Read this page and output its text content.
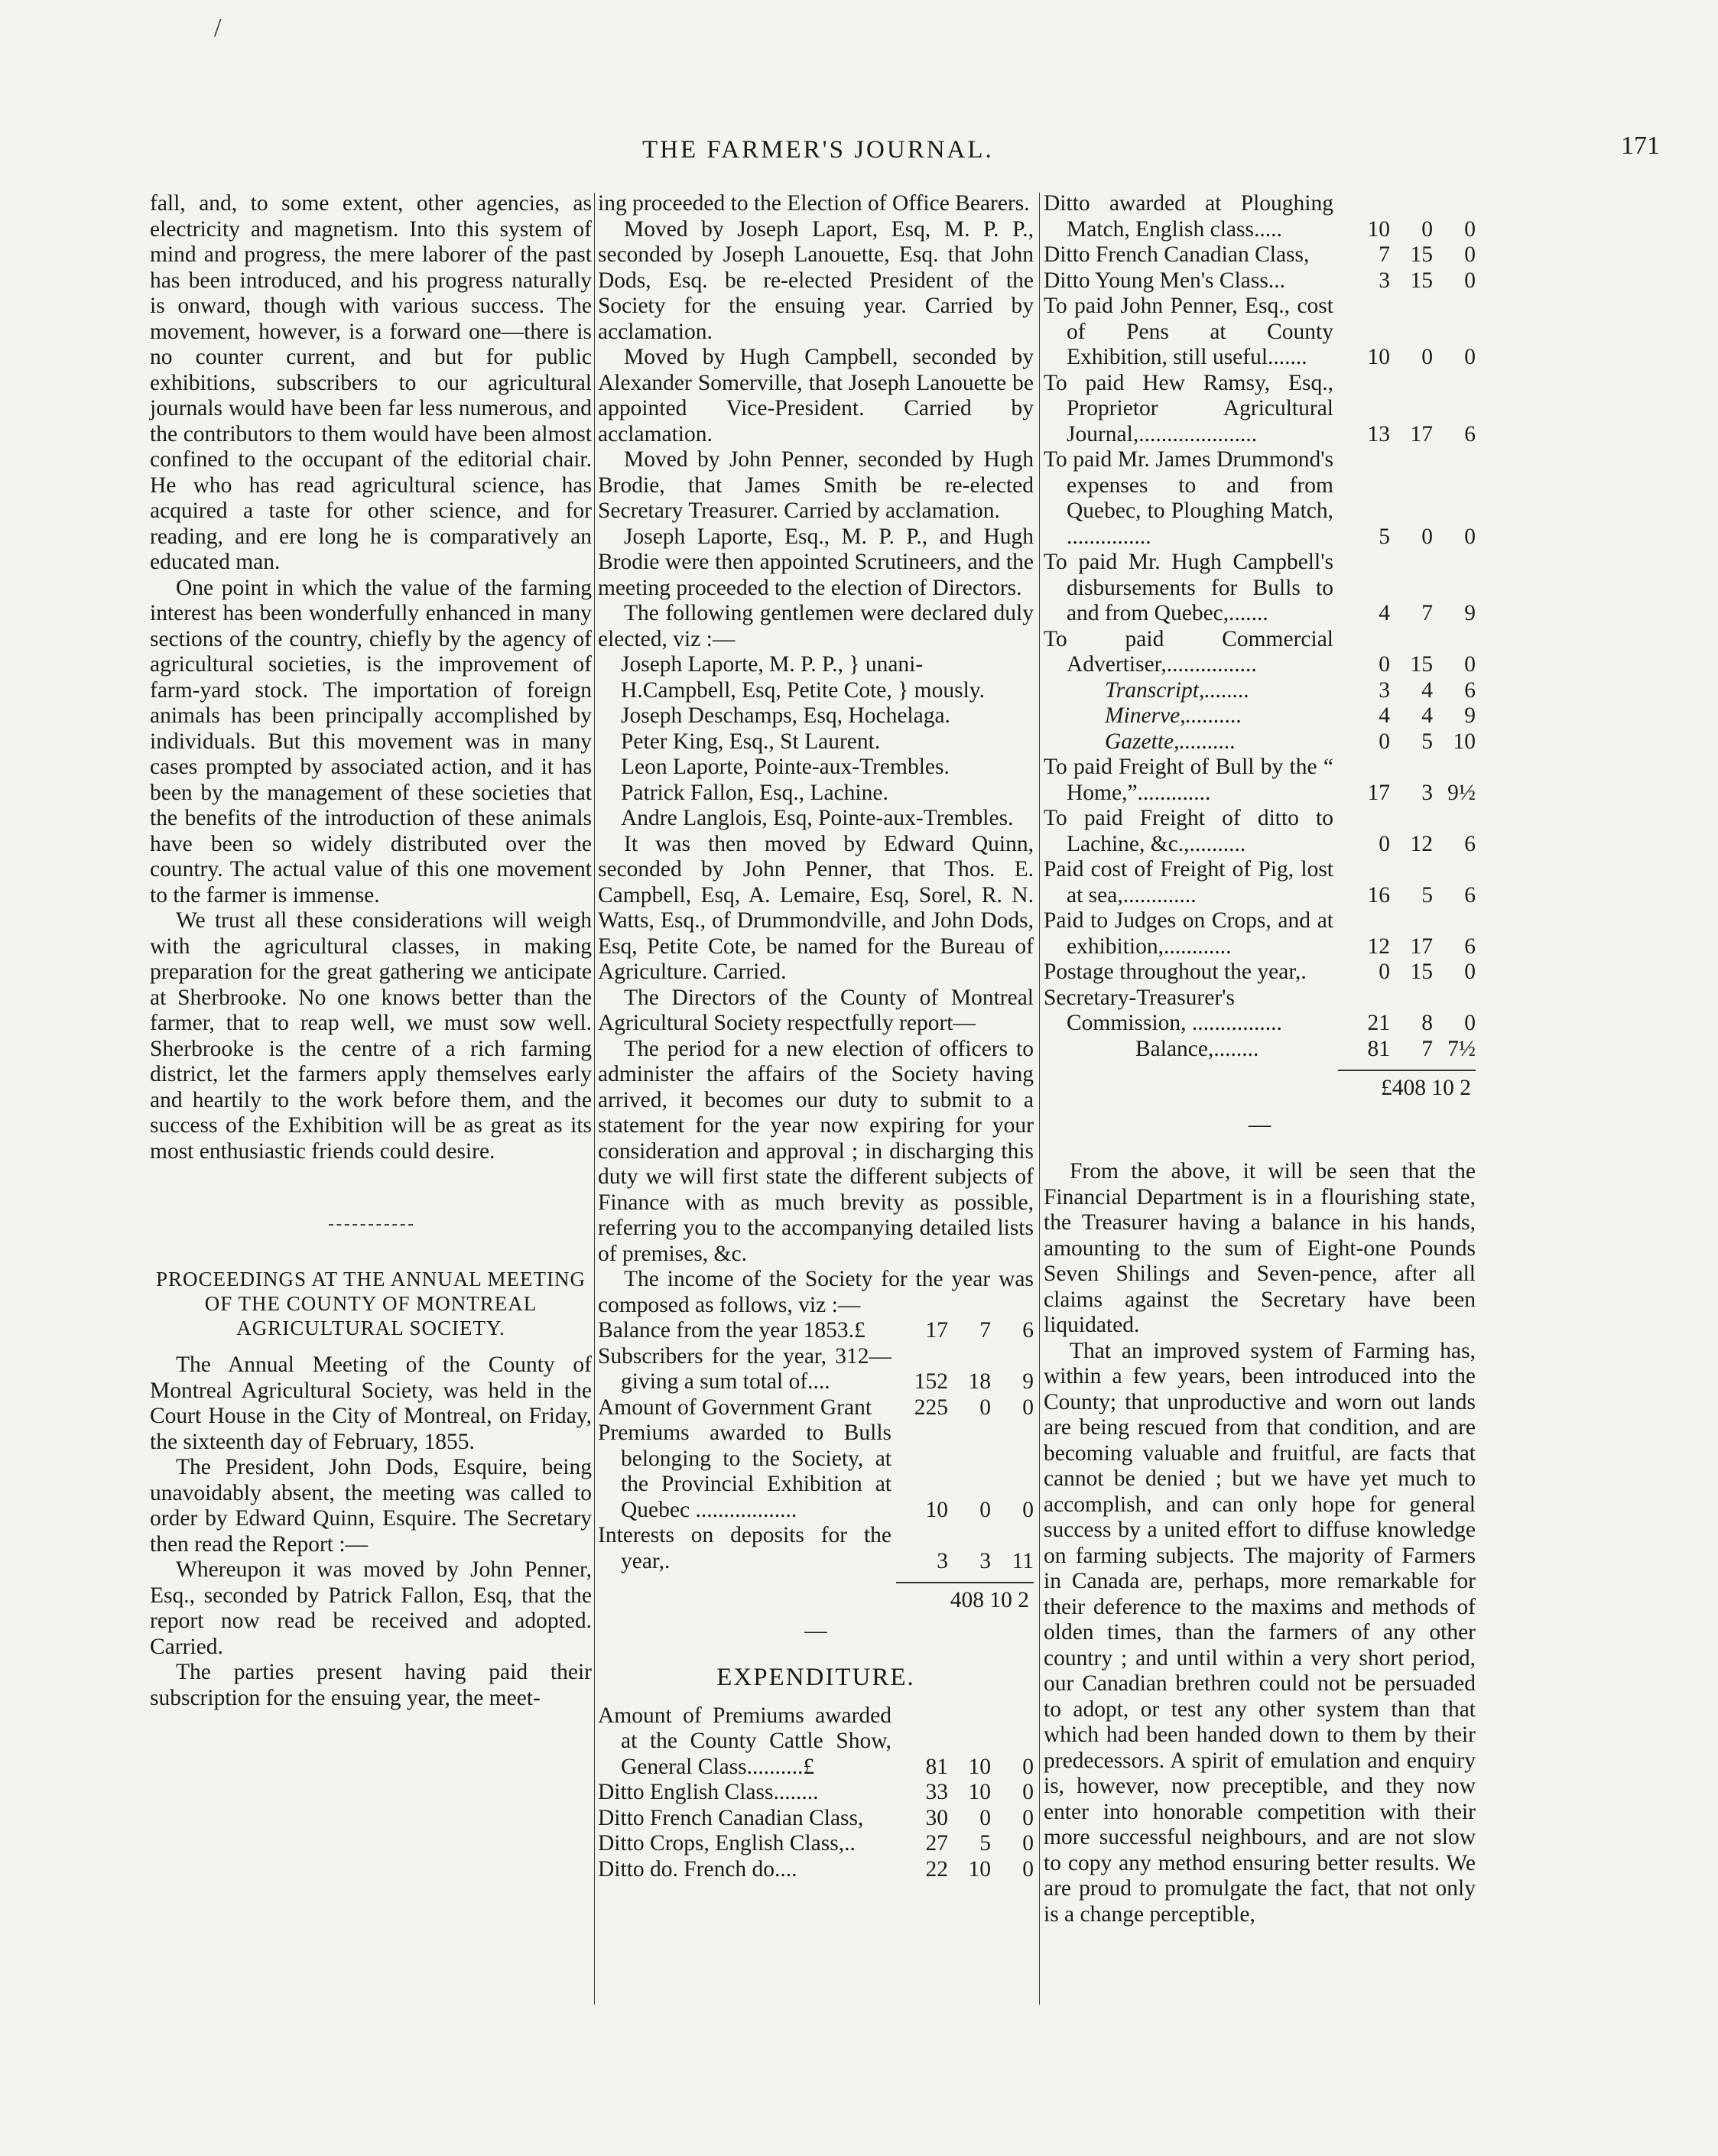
/
THE FARMER'S JOURNAL.	171

fall, and, to some extent, other agencies, as electricity and magnetism. Into this system of mind and progress, the mere laborer of the past has been introduced, and his progress naturally is onward, though with various success. The movement, however, is a forward one—there is no counter current, and but for public exhibitions, subscribers to our agricultural journals would have been far less numerous, and the contributors to them would have been almost confined to the occupant of the editorial chair. He who has read agricultural science, has acquired a taste for other science, and for reading, and ere long he is comparatively an educated man.

One point in which the value of the farming interest has been wonderfully enhanced in many sections of the country, chiefly by the agency of agricultural societies, is the improvement of farm-yard stock. The importation of foreign animals has been principally accomplished by individuals. But this movement was in many cases prompted by associated action, and it has been by the management of these societies that the benefits of the introduction of these animals have been so widely distributed over the country. The actual value of this one movement to the farmer is immense.

We trust all these considerations will weigh with the agricultural classes, in making preparation for the great gathering we anticipate at Sherbrooke. No one knows better than the farmer, that to reap well, we must sow well. Sherbrooke is the centre of a rich farming district, let the farmers apply themselves early and heartily to the work before them, and the success of the Exhibition will be as great as its most enthusiastic friends could desire.

PROCEEDINGS AT THE ANNUAL MEETING OF THE COUNTY OF MONTREAL AGRICULTURAL SOCIETY.

The Annual Meeting of the County of Montreal Agricultural Society, was held in the Court House in the City of Montreal, on Friday, the sixteenth day of February, 1855.

The President, John Dods, Esquire, being unavoidably absent, the meeting was called to order by Edward Quinn, Esquire. The Secretary then read the Report :—

Whereupon it was moved by John Penner, Esq., seconded by Patrick Fallon, Esq, that the report now read be received and adopted. Carried.

The parties present having paid their subscription for the ensuing year, the meet-

ing proceeded to the Election of Office Bearers.

Moved by Joseph Laport, Esq, M. P. P., seconded by Joseph Lanouette, Esq. that John Dods, Esq. be re-elected President of the Society for the ensuing year. Carried by acclamation.

Moved by Hugh Campbell, seconded by Alexander Somerville, that Joseph Lanouette be appointed Vice-President. Carried by acclamation.

Moved by John Penner, seconded by Hugh Brodie, that James Smith be re-elected Secretary Treasurer. Carried by acclamation.

Joseph Laporte, Esq., M. P. P., and Hugh Brodie were then appointed Scrutineers, and the meeting proceeded to the election of Directors.

The following gentlemen were declared duly elected, viz :—

Joseph Laporte, M. P. P., } unani-
H.Campbell, Esq, Petite Cote, } mously.
Joseph Deschamps, Esq, Hochelaga.
Peter King, Esq., St Laurent.
Leon Laporte, Pointe-aux-Trembles.
Patrick Fallon, Esq., Lachine.
Andre Langlois, Esq, Pointe-aux-Trembles.

It was then moved by Edward Quinn, seconded by John Penner, that Thos. E. Campbell, Esq, A. Lemaire, Esq, Sorel, R. N. Watts, Esq., of Drummondville, and John Dods, Esq, Petite Cote, be named for the Bureau of Agriculture. Carried.

The Directors of the County of Montreal Agricultural Society respectfully report—

The period for a new election of officers to administer the affairs of the Society having arrived, it becomes our duty to submit to a statement for the year now expiring for your consideration and approval ; in discharging this duty we will first state the different subjects of Finance with as much brevity as possible, referring you to the accompanying detailed lists of premises, &c.

The income of the Society for the year was composed as follows, viz :—

Balance from the year 1853.£	17	7	6
Subscribers for the year, 312— giving a sum total of....	152	18	9
Amount of Government Grant	225	0	0
Premiums awarded to Bulls belonging to the Society, at the Provincial Exhibition at Quebec ..................	10	0	0
Interests on deposits for the year,.	3	3	11
408 10 2
—
EXPENDITURE.
Amount of Premiums awarded at the County Cattle Show, General Class..........£	81	10	0
Ditto English Class........	33	10	0
Ditto French Canadian Class,	30	0	0
Ditto Crops, English Class,..	27	5	0
Ditto do. French do....	22	10	0
Ditto awarded at Ploughing Match, English class.....	10	0	0
Ditto French Canadian Class,	7	15	0
Ditto Young Men's Class...	3	15	0
To paid John Penner, Esq., cost of Pens at County Exhibition, still useful.......	10	0	0
To paid Hew Ramsy, Esq., Proprietor Agricultural Journal,.....................	13	17	6
To paid Mr. James Drummond's expenses to and from Quebec, to Ploughing Match, ...............	5	0	0
To paid Mr. Hugh Campbell's disbursements for Bulls to and from Quebec,.......	4	7	9
To paid Commercial Advertiser,................	0	15	0
Transcript,........	3	4	6
Minerve,..........	4	4	9
Gazette,..........	0	5	10
To paid Freight of Bull by the “ Home,”.............	17	3	9½
To paid Freight of ditto to Lachine, &c.,..........	0	12	6
Paid cost of Freight of Pig, lost at sea,.............	16	5	6
Paid to Judges on Crops, and at exhibition,............	12	17	6
Postage throughout the year,.	0	15	0
Secretary-Treasurer's Commission, ................	21	8	0
Balance,........	81	7	7½
£408 10 2
—

From the above, it will be seen that the Financial Department is in a flourishing state, the Treasurer having a balance in his hands, amounting to the sum of Eight-one Pounds Seven Shilings and Seven-pence, after all claims against the Secretary have been liquidated.

That an improved system of Farming has, within a few years, been introduced into the County; that unproductive and worn out lands are being rescued from that condition, and are becoming valuable and fruitful, are facts that cannot be denied ; but we have yet much to accomplish, and can only hope for general success by a united effort to diffuse knowledge on farming subjects. The majority of Farmers in Canada are, perhaps, more remarkable for their deference to the maxims and methods of olden times, than the farmers of any other country ; and until within a very short period, our Canadian brethren could not be persuaded to adopt, or test any other system than that which had been handed down to them by their predecessors. A spirit of emulation and enquiry is, however, now preceptible, and they now enter into honorable competition with their more successful neighbours, and are not slow to copy any method ensuring better results. We are proud to promulgate the fact, that not only is a change perceptible,
